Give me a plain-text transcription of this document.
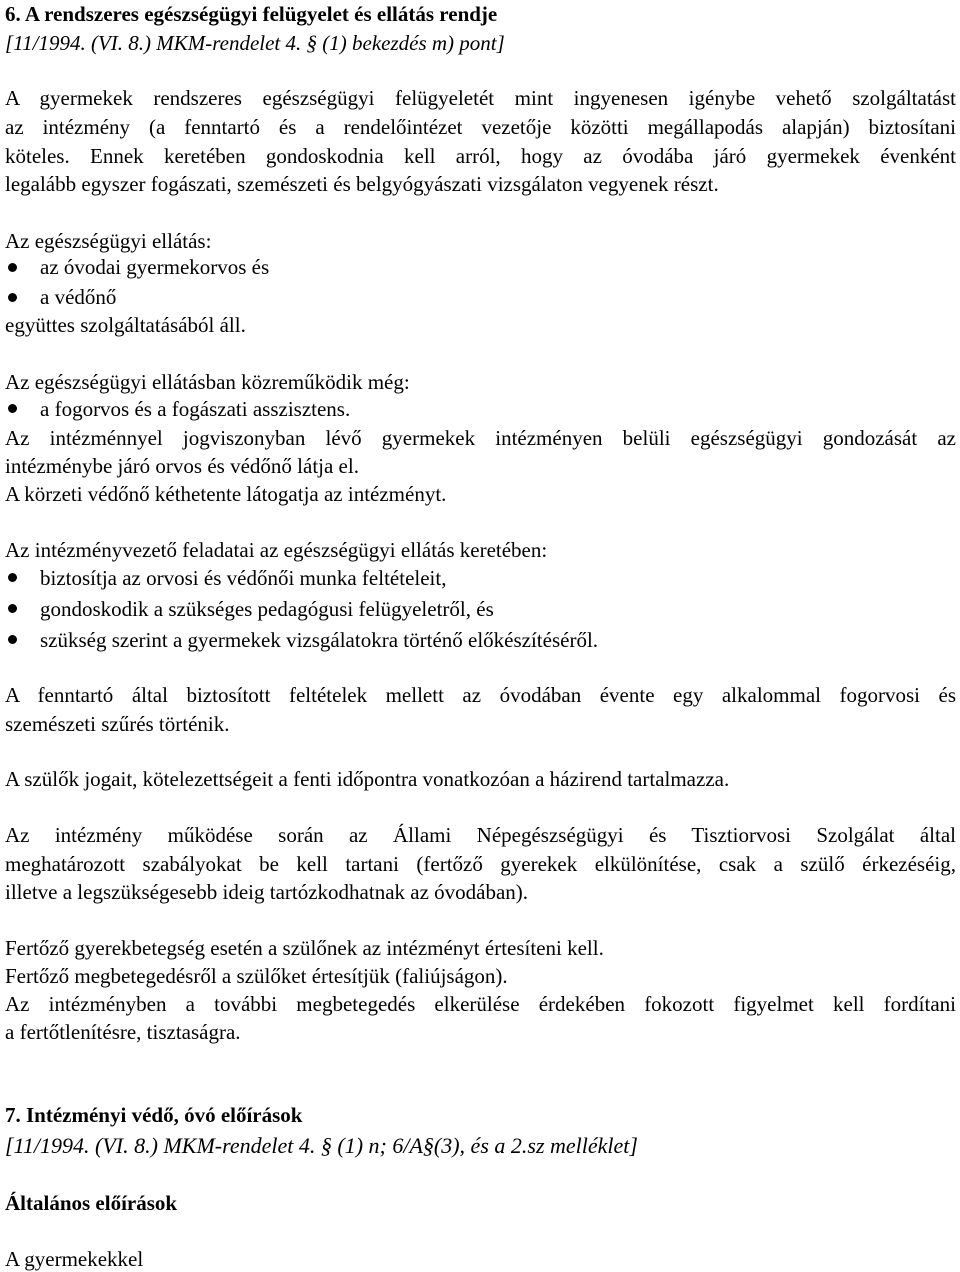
6. A rendszeres egészségügyi felügyelet és ellátás rendje
[11/1994. (VI. 8.) MKM-rendelet 4. § (1) bekezdés m) pont]
A gyermekek rendszeres egészségügyi felügyeletét mint ingyenesen igénybe vehető szolgáltatást
az intézmény (a fenntartó és a rendelőintézet vezetője közötti megállapodás alapján) biztosítani
köteles. Ennek keretében gondoskodnia kell arról, hogy az óvodába járó gyermekek évenként
legalább egyszer fogászati, szemészeti és belgyógyászati vizsgálaton vegyenek részt.
Az egészségügyi ellátás:
az óvodai gyermekorvos és
a védőnő
együttes szolgáltatásából áll.
Az egészségügyi ellátásban közreműködik még:
a fogorvos és a fogászati asszisztens.
Az intézménnyel jogviszonyban lévő gyermekek intézményen belüli egészségügyi gondozását az
intézménybe járó orvos és védőnő látja el.
A körzeti védőnő kéthetente látogatja az intézményt.
Az intézményvezető feladatai az egészségügyi ellátás keretében:
biztosítja az orvosi és védőnői munka feltételeit,
gondoskodik a szükséges pedagógusi felügyeletről, és
szükség szerint a gyermekek vizsgálatokra történő előkészítéséről.
A fenntartó által biztosított feltételek mellett az óvodában évente egy alkalommal fogorvosi és
szemészeti szűrés történik.
A szülők jogait, kötelezettségeit a fenti időpontra vonatkozóan a házirend tartalmazza.
Az intézmény működése során az Állami Népegészségügyi és Tisztiorvosi Szolgálat által
meghatározott szabályokat be kell tartani (fertőző gyerekek elkülönítése, csak a szülő érkezéséig,
illetve a legszükségesebb ideig tartózkodhatnak az óvodában).
Fertőző gyerekbetegség esetén a szülőnek az intézményt értesíteni kell.
Fertőző megbetegedésről a szülőket értesítjük (faliújságon).
Az intézményben a további megbetegedés elkerülése érdekében fokozott figyelmet kell fordítani
a fertőtlenítésre, tisztaságra.
7. Intézményi védő, óvó előírások
[11/1994. (VI. 8.) MKM-rendelet 4. § (1) n; 6/A§(3), és a 2.sz melléklet]
Általános előírások
A gyermekekkel
